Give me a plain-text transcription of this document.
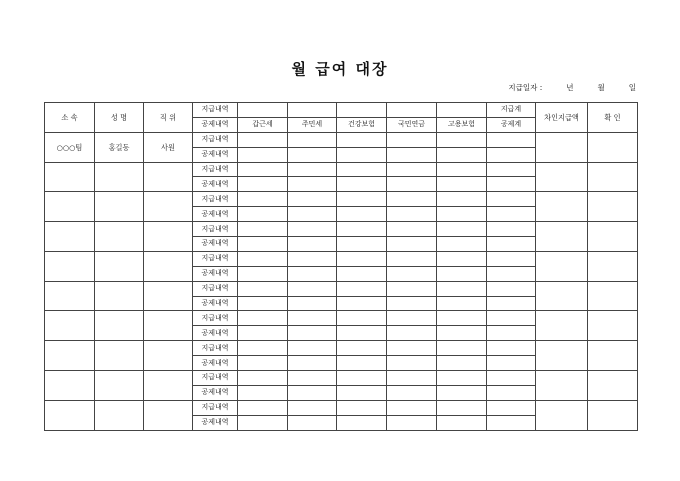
월 급여 대장
지급일자 :	년	월	일
소 속	성 명	직 위	지급내역						지급계	차인지급액	확 인
			공제내역	갑근세	주민세	건강보험	국민연금	고용보험	공제계		
○○○팀	홍길동	사원	지급내역								
			공제내역								
			지급내역								
			공제내역								
			지급내역								
			공제내역								
			지급내역								
			공제내역								
			지급내역								
			공제내역								
			지급내역								
			공제내역								
			지급내역								
			공제내역								
			지급내역								
			공제내역								
			지급내역								
			공제내역								
			지급내역								
			공제내역								
